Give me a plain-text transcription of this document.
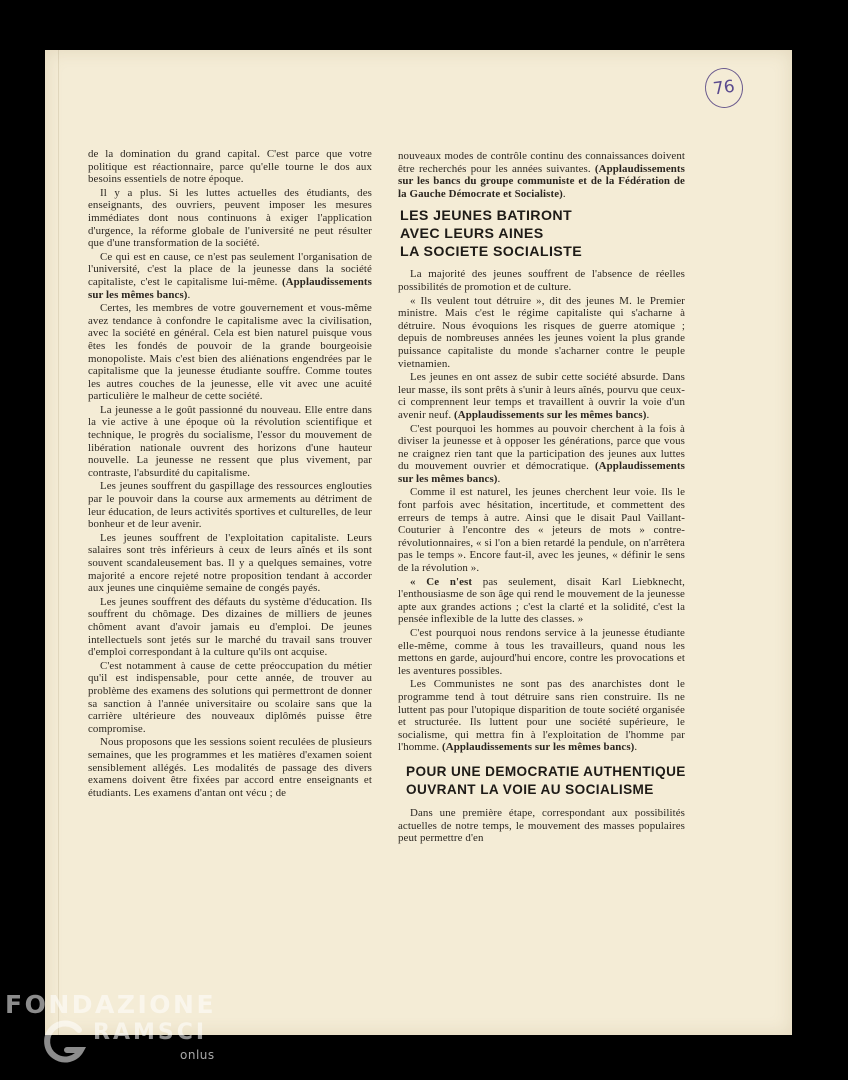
76

de la domination du grand capital. C'est parce que votre politique est réactionnaire, parce qu'elle tourne le dos aux besoins essentiels de notre époque.

Il y a plus. Si les luttes actuelles des étudiants, des enseignants, des ouvriers, peuvent imposer les mesures immédiates dont nous continuons à exiger l'application d'urgence, la réforme globale de l'université ne peut résulter que d'une transformation de la société.

Ce qui est en cause, ce n'est pas seulement l'organisation de l'université, c'est la place de la jeunesse dans la société capitaliste, c'est le capitalisme lui-même. (Applaudissements sur les mêmes bancs).

Certes, les membres de votre gouvernement et vous-même avez tendance à confondre le capitalisme avec la civilisation, avec la société en général. Cela est bien naturel puisque vous êtes les fondés de pouvoir de la grande bourgeoisie monopoliste. Mais c'est bien des aliénations engendrées par le capitalisme que la jeunesse étudiante souffre. Comme toutes les autres couches de la jeunesse, elle vit avec une acuité particulière le malheur de cette société.

La jeunesse a le goût passionné du nouveau. Elle entre dans la vie active à une époque où la révolution scientifique et technique, le progrès du socialisme, l'essor du mouvement de libération nationale ouvrent des horizons d'une hauteur nouvelle. La jeunesse ne ressent que plus vivement, par contraste, l'absurdité du capitalisme.

Les jeunes souffrent du gaspillage des ressources englouties par le pouvoir dans la course aux armements au détriment de leur éducation, de leurs activités sportives et culturelles, de leur bonheur et de leur avenir.

Les jeunes souffrent de l'exploitation capitaliste. Leurs salaires sont très inférieurs à ceux de leurs aînés et ils sont souvent scandaleusement bas. Il y a quelques semaines, votre majorité a encore rejeté notre proposition tendant à accorder aux jeunes une cinquième semaine de congés payés.

Les jeunes souffrent des défauts du système d'éducation. Ils souffrent du chômage. Des dizaines de milliers de jeunes chôment avant d'avoir jamais eu d'emploi. De jeunes intellectuels sont jetés sur le marché du travail sans trouver d'emploi correspondant à la culture qu'ils ont acquise.

C'est notamment à cause de cette préoccupation du métier qu'il est indispensable, pour cette année, de trouver au problème des examens des solutions qui permettront de donner sa sanction à l'année universitaire ou scolaire sans que la carrière ultérieure des nouveaux diplômés puisse être compromise.

Nous proposons que les sessions soient reculées de plusieurs semaines, que les programmes et les matières d'examen soient sensiblement allégés. Les modalités de passage des divers examens doivent être fixées par accord entre enseignants et étudiants. Les examens d'antan ont vécu ; de

nouveaux modes de contrôle continu des connaissances doivent être recherchés pour les années suivantes. (Applaudissements sur les bancs du groupe communiste et de la Fédération de la Gauche Démocrate et Socialiste).

LES JEUNES BATIRONT
AVEC LEURS AINES
LA SOCIETE SOCIALISTE

La majorité des jeunes souffrent de l'absence de réelles possibilités de promotion et de culture.

« Ils veulent tout détruire », dit des jeunes M. le Premier ministre. Mais c'est le régime capitaliste qui s'acharne à détruire. Nous évoquions les risques de guerre atomique ; depuis de nombreuses années les jeunes voient la plus grande puissance capitaliste du monde s'acharner contre le peuple vietnamien.

Les jeunes en ont assez de subir cette société absurde. Dans leur masse, ils sont prêts à s'unir à leurs aînés, pourvu que ceux-ci comprennent leur temps et travaillent à ouvrir la voie d'un avenir neuf. (Applaudissements sur les mêmes bancs).

C'est pourquoi les hommes au pouvoir cherchent à la fois à diviser la jeunesse et à opposer les générations, parce que vous ne craignez rien tant que la participation des jeunes aux luttes du mouvement ouvrier et démocratique. (Applaudissements sur les mêmes bancs).

Comme il est naturel, les jeunes cherchent leur voie. Ils le font parfois avec hésitation, incertitude, et commettent des erreurs de temps à autre. Ainsi que le disait Paul Vaillant-Couturier à l'encontre des « jeteurs de mots » contre-révolutionnaires, « si l'on a bien retardé la pendule, on n'arrêtera pas le temps ». Encore faut-il, avec les jeunes, « définir le sens de la révolution ».

« Ce n'est pas seulement, disait Karl Liebknecht, l'enthousiasme de son âge qui rend le mouvement de la jeunesse apte aux grandes actions ; c'est la clarté et la solidité, c'est la pensée inflexible de la lutte des classes. »

C'est pourquoi nous rendons service à la jeunesse étudiante elle-même, comme à tous les travailleurs, quand nous les mettons en garde, aujourd'hui encore, contre les provocations et les aventures possibles.

Les Communistes ne sont pas des anarchistes dont le programme tend à tout détruire sans rien construire. Ils ne luttent pas pour l'utopique disparition de toute société organisée et structurée. Ils luttent pour une société supérieure, le socialisme, qui mettra fin à l'exploitation de l'homme par l'homme. (Applaudissements sur les mêmes bancs).

POUR UNE DEMOCRATIE AUTHENTIQUE
OUVRANT LA VOIE AU SOCIALISME

Dans une première étape, correspondant aux possibilités actuelles de notre temps, le mouvement des masses populaires peut permettre d'en

FONDAZIONE
RAMSCI
onlus
